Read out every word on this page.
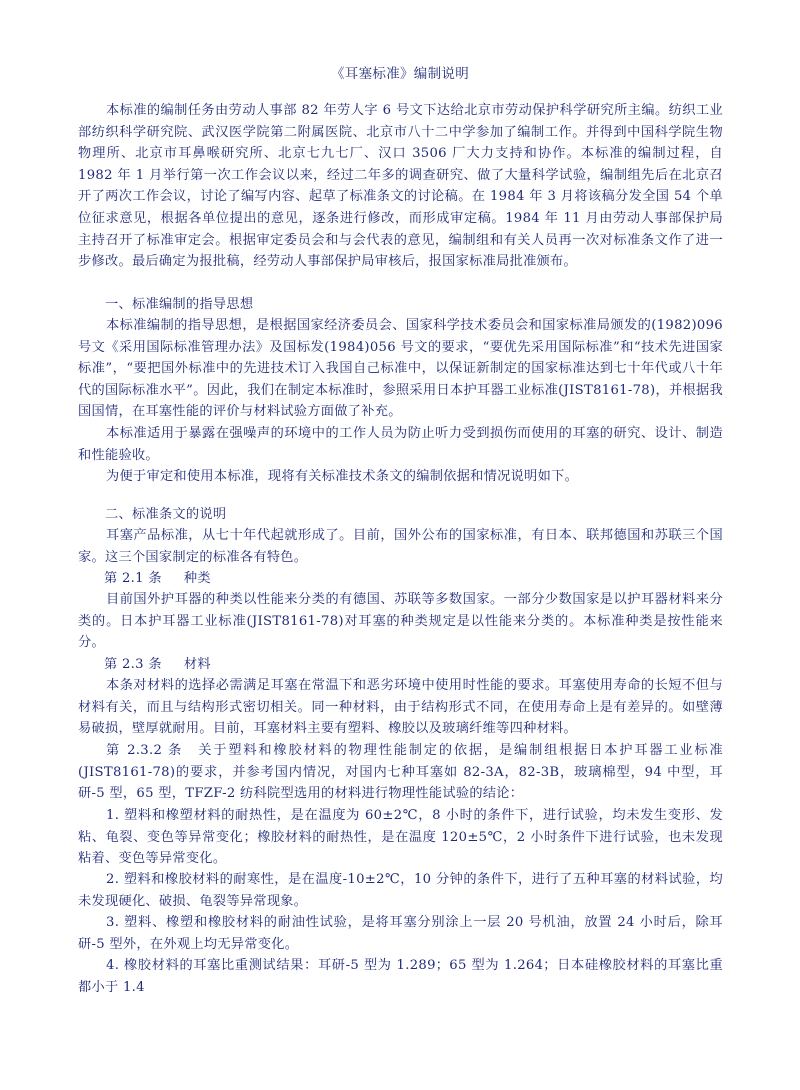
《耳塞标准》编制说明
本标准的编制任务由劳动人事部 82 年劳人字 6 号文下达给北京市劳动保护科学研究所主编。纺织工业部纺织科学研究院、武汉医学院第二附属医院、北京市八十二中学参加了编制工作。并得到中国科学院生物物理所、北京市耳鼻喉研究所、北京七九七厂、汉口 3506 厂大力支持和协作。本标准的编制过程，自 1982 年 1 月举行第一次工作会议以来，经过二年多的调查研究、做了大量科学试验，编制组先后在北京召开了两次工作会议，讨论了编写内容、起草了标准条文的讨论稿。在 1984 年 3 月将该稿分发全国 54 个单位征求意见，根据各单位提出的意见，逐条进行修改，而形成审定稿。1984 年 11 月由劳动人事部保护局主持召开了标准审定会。根据审定委员会和与会代表的意见，编制组和有关人员再一次对标准条文作了进一步修改。最后确定为报批稿，经劳动人事部保护局审核后，报国家标准局批准颁布。
一、标准编制的指导思想
本标准编制的指导思想，是根据国家经济委员会、国家科学技术委员会和国家标准局颁发的(1982)096 号文《采用国际标准管理办法》及国标发(1984)056 号文的要求，“要优先采用国际标准”和“技术先进国家标准”，“要把国外标准中的先进技术订入我国自己标准中，以保证新制定的国家标准达到七十年代或八十年代的国际标准水平”。因此，我们在制定本标准时，参照采用日本护耳器工业标准(JIST8161-78)，并根据我国国情，在耳塞性能的评价与材料试验方面做了补充。
本标准适用于暴露在强噪声的环境中的工作人员为防止听力受到损伤而使用的耳塞的研究、设计、制造和性能验收。
为便于审定和使用本标准，现将有关标准技术条文的编制依据和情况说明如下。
二、标准条文的说明
耳塞产品标准，从七十年代起就形成了。目前，国外公布的国家标准，有日本、联邦德国和苏联三个国家。这三个国家制定的标准各有特色。
第 2.1 条 种类
目前国外护耳器的种类以性能来分类的有德国、苏联等多数国家。一部分少数国家是以护耳器材料来分类的。日本护耳器工业标准(JIST8161-78)对耳塞的种类规定是以性能来分类的。本标准种类是按性能来分。
第 2.3 条 材料
本条对材料的选择必需满足耳塞在常温下和恶劣环境中使用时性能的要求。耳塞使用寿命的长短不但与材料有关，而且与结构形式密切相关。同一种材料，由于结构形式不同，在使用寿命上是有差异的。如壁薄易破损，壁厚就耐用。目前，耳塞材料主要有塑料、橡胶以及玻璃纤维等四种材料。
第 2.3.2 条　关于塑料和橡胶材料的物理性能制定的依据，是编制组根据日本护耳器工业标准(JIST8161-78)的要求，并参考国内情况，对国内七种耳塞如 82-3A，82-3B，玻璃棉型，94 中型，耳研-5 型，65 型，TFZF-2 纺科院型选用的材料进行物理性能试验的结论：
1. 塑料和橡塑材料的耐热性，是在温度为 60±2℃，8 小时的条件下，进行试验，均未发生变形、发粘、龟裂、变色等异常变化；橡胶材料的耐热性，是在温度 120±5℃，2 小时条件下进行试验，也未发现粘着、变色等异常变化。
2. 塑料和橡胶材料的耐寒性，是在温度-10±2℃，10 分钟的条件下，进行了五种耳塞的材料试验，均未发现硬化、破损、龟裂等异常现象。
3. 塑料、橡塑和橡胶材料的耐油性试验，是将耳塞分别涂上一层 20 号机油，放置 24 小时后，除耳研-5 型外，在外观上均无异常变化。
4. 橡胶材料的耳塞比重测试结果：耳研-5 型为 1.289；65 型为 1.264；日本硅橡胶材料的耳塞比重都小于 1.4
